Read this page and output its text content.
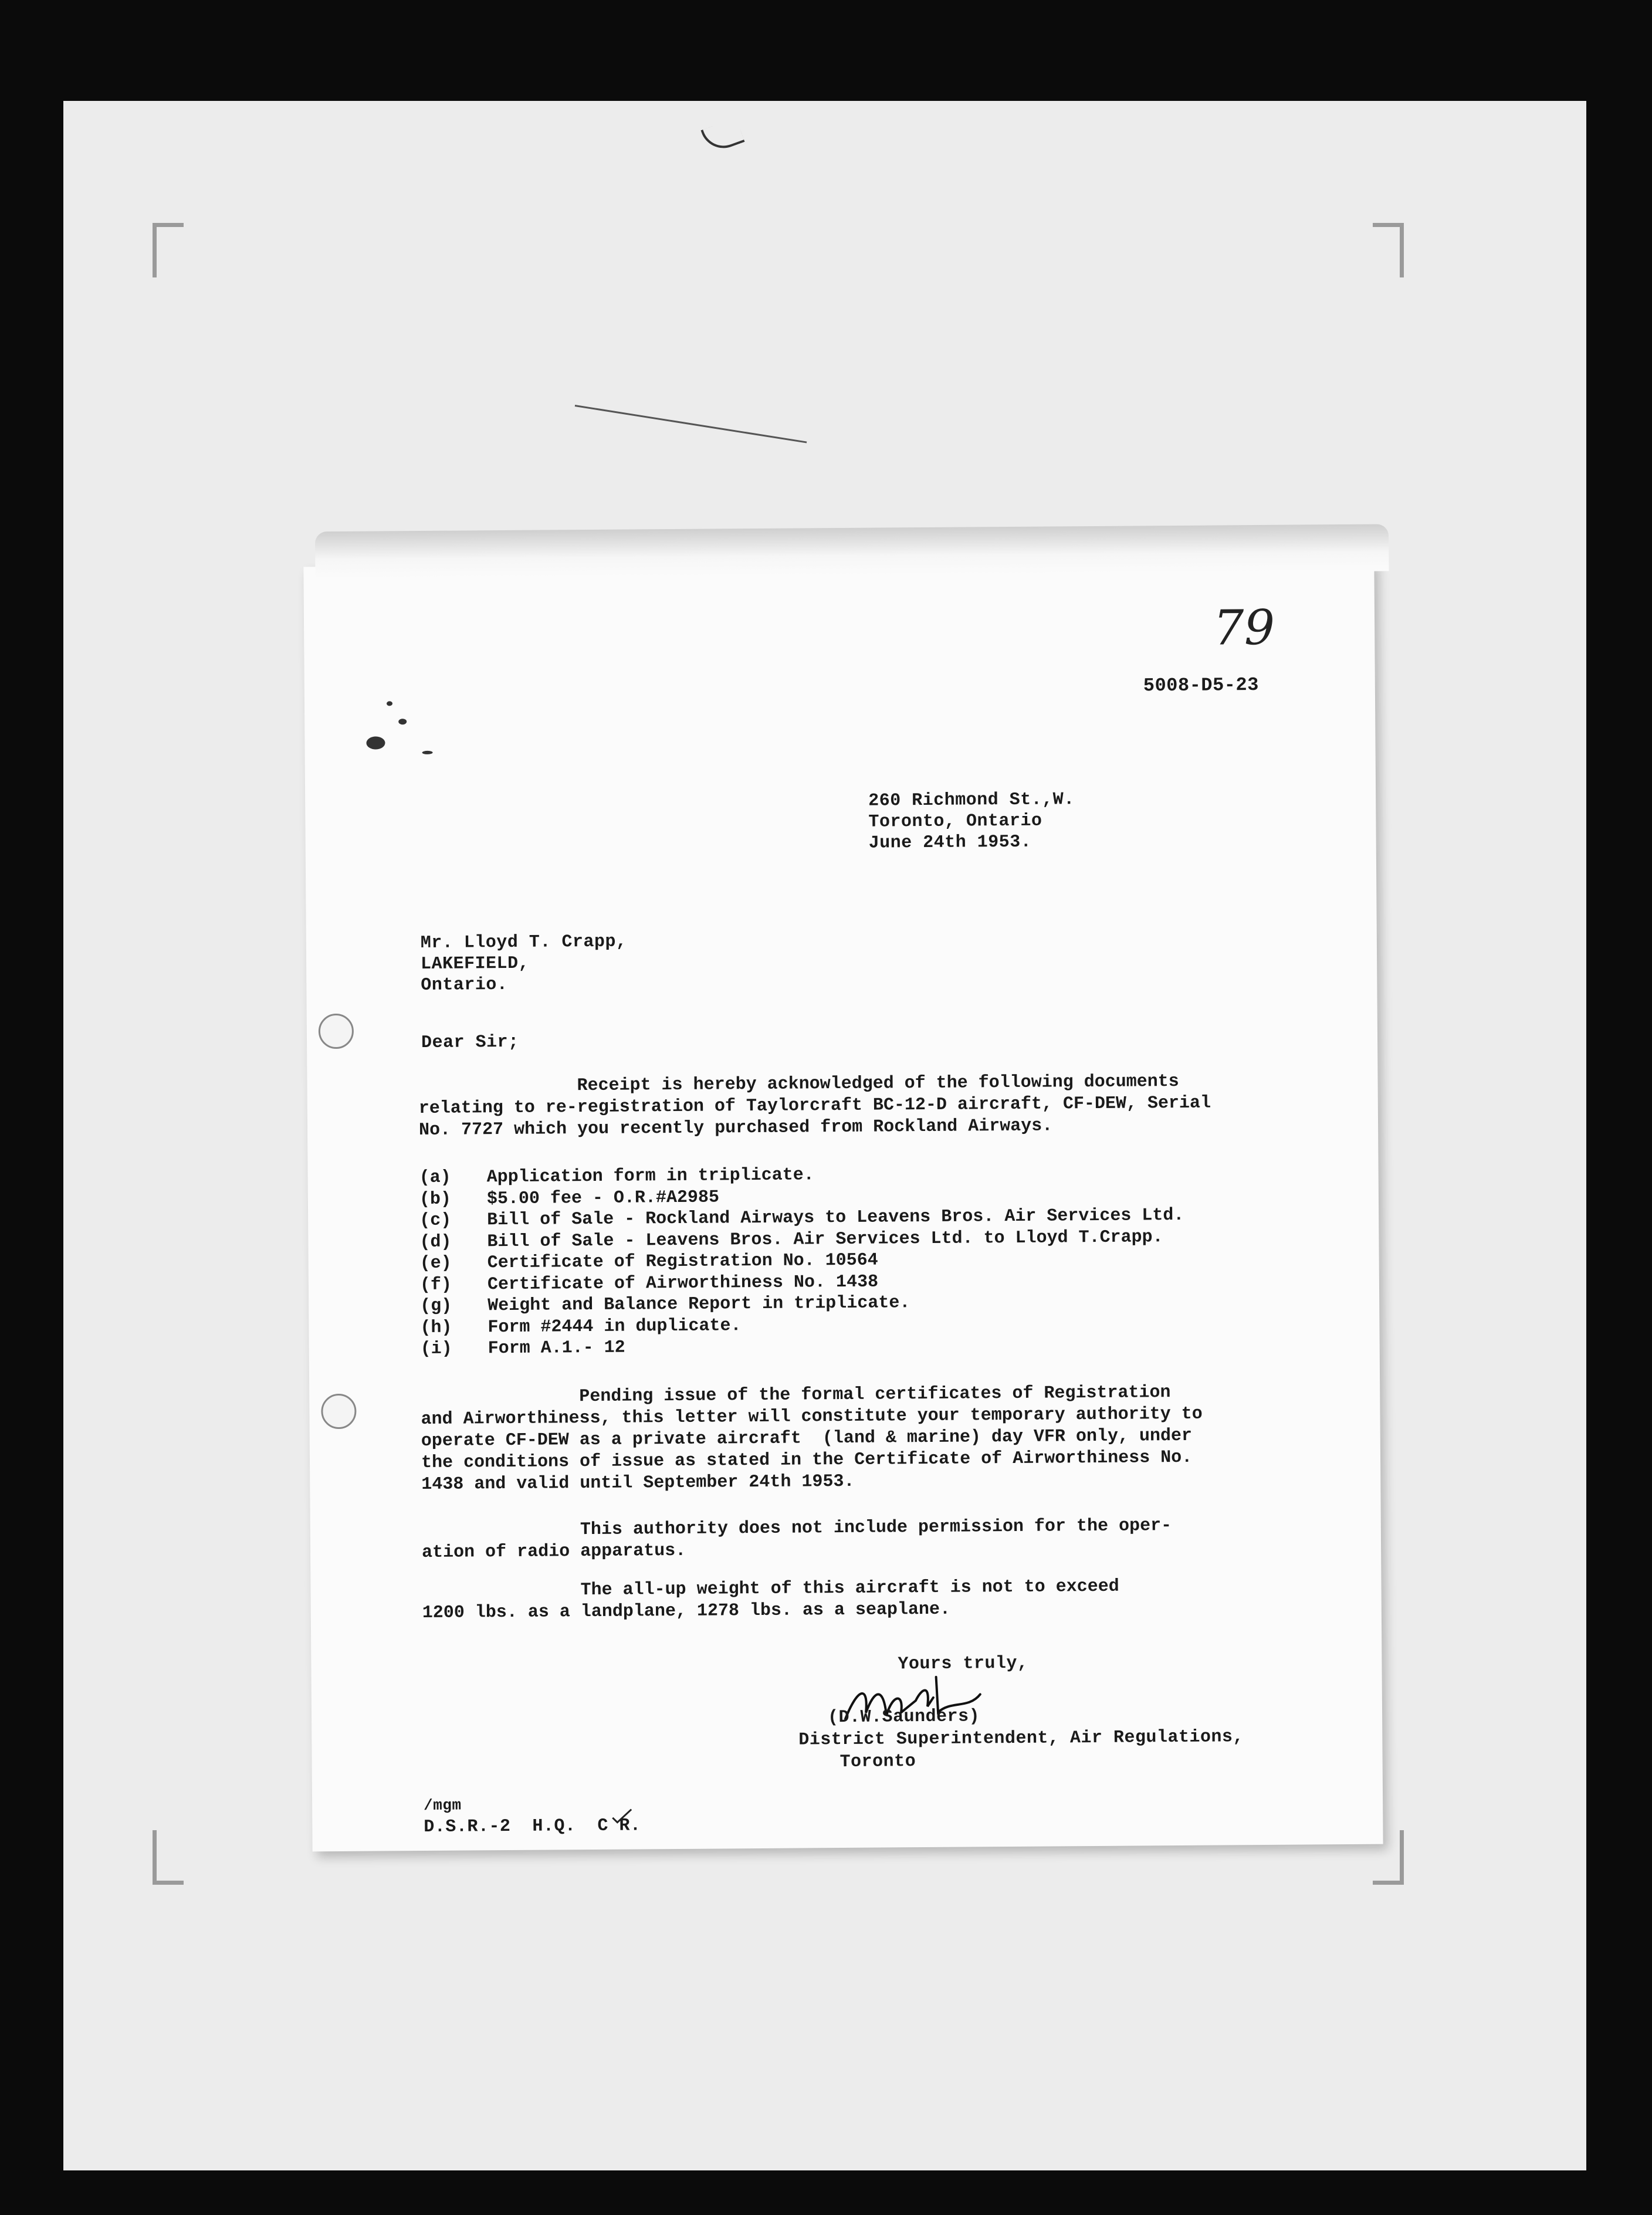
79
5008-D5-23
260 Richmond St.,W.
Toronto, Ontario
June 24th 1953.
Mr. Lloyd T. Crapp,
LAKEFIELD,
Ontario.
Dear Sir;
Receipt is hereby acknowledged of the following documents
relating to re-registration of Taylorcraft BC-12-D aircraft, CF-DEW, Serial
No. 7727 which you recently purchased from Rockland Airways.
(a)	Application form in triplicate.
(b)	$5.00 fee - O.R.#A2985
(c)	Bill of Sale - Rockland Airways to Leavens Bros. Air Services Ltd.
(d)	Bill of Sale - Leavens Bros. Air Services Ltd. to Lloyd T.Crapp.
(e)	Certificate of Registration No. 10564
(f)	Certificate of Airworthiness No. 1438
(g)	Weight and Balance Report in triplicate.
(h)	Form #2444 in duplicate.
(i)	Form A.1.- 12
Pending issue of the formal certificates of Registration
and Airworthiness, this letter will constitute your temporary authority to
operate CF-DEW as a private aircraft  (land & marine) day VFR only, under
the conditions of issue as stated in the Certificate of Airworthiness No.
1438 and valid until September 24th 1953.
This authority does not include permission for the oper-
ation of radio apparatus.
The all-up weight of this aircraft is not to exceed
1200 lbs. as a landplane, 1278 lbs. as a seaplane.
Yours truly,
(D.W.Saunders)
District Superintendent, Air Regulations,
Toronto
/mgm
D.S.R.-2  H.Q.  C R.
